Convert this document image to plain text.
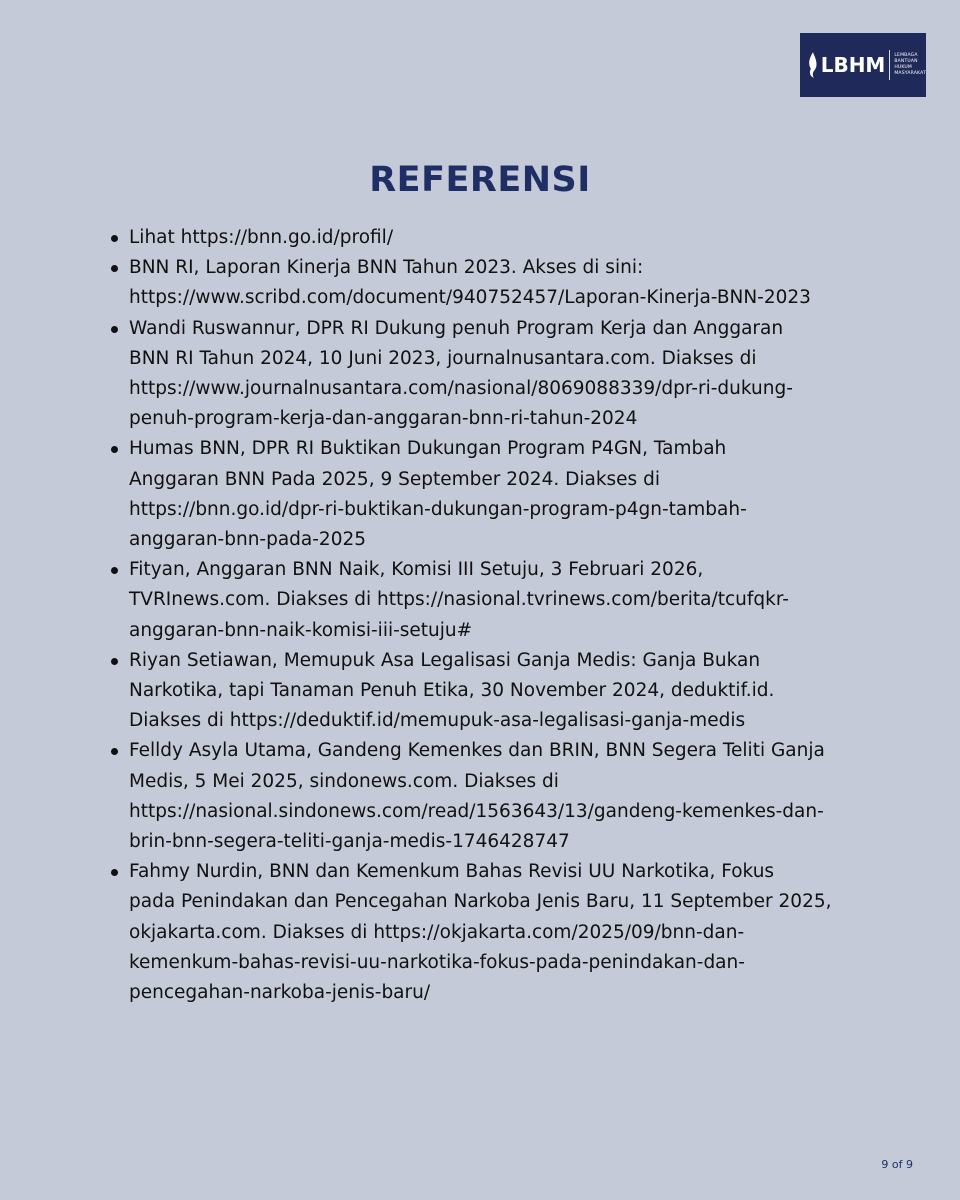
LBHM LEMBAGA
BANTUAN
HUKUM
MASYARAKAT
REFERENSI
Lihat https://bnn.go.id/profil/
BNN RI, Laporan Kinerja BNN Tahun 2023. Akses di sini:
https://www.scribd.com/document/940752457/Laporan-Kinerja-BNN-2023
Wandi Ruswannur, DPR RI Dukung penuh Program Kerja dan Anggaran
BNN RI Tahun 2024, 10 Juni 2023, journalnusantara.com. Diakses di
https://www.journalnusantara.com/nasional/8069088339/dpr-ri-dukung-
penuh-program-kerja-dan-anggaran-bnn-ri-tahun-2024
Humas BNN, DPR RI Buktikan Dukungan Program P4GN, Tambah
Anggaran BNN Pada 2025, 9 September 2024. Diakses di
https://bnn.go.id/dpr-ri-buktikan-dukungan-program-p4gn-tambah-
anggaran-bnn-pada-2025
Fityan, Anggaran BNN Naik, Komisi III Setuju, 3 Februari 2026,
TVRInews.com. Diakses di https://nasional.tvrinews.com/berita/tcufqkr-
anggaran-bnn-naik-komisi-iii-setuju#
Riyan Setiawan, Memupuk Asa Legalisasi Ganja Medis: Ganja Bukan
Narkotika, tapi Tanaman Penuh Etika, 30 November 2024, deduktif.id.
Diakses di https://deduktif.id/memupuk-asa-legalisasi-ganja-medis
Felldy Asyla Utama, Gandeng Kemenkes dan BRIN, BNN Segera Teliti Ganja
Medis, 5 Mei 2025, sindonews.com. Diakses di
https://nasional.sindonews.com/read/1563643/13/gandeng-kemenkes-dan-
brin-bnn-segera-teliti-ganja-medis-1746428747
Fahmy Nurdin, BNN dan Kemenkum Bahas Revisi UU Narkotika, Fokus
pada Penindakan dan Pencegahan Narkoba Jenis Baru, 11 September 2025,
okjakarta.com. Diakses di https://okjakarta.com/2025/09/bnn-dan-
kemenkum-bahas-revisi-uu-narkotika-fokus-pada-penindakan-dan-
pencegahan-narkoba-jenis-baru/
9 of 9
